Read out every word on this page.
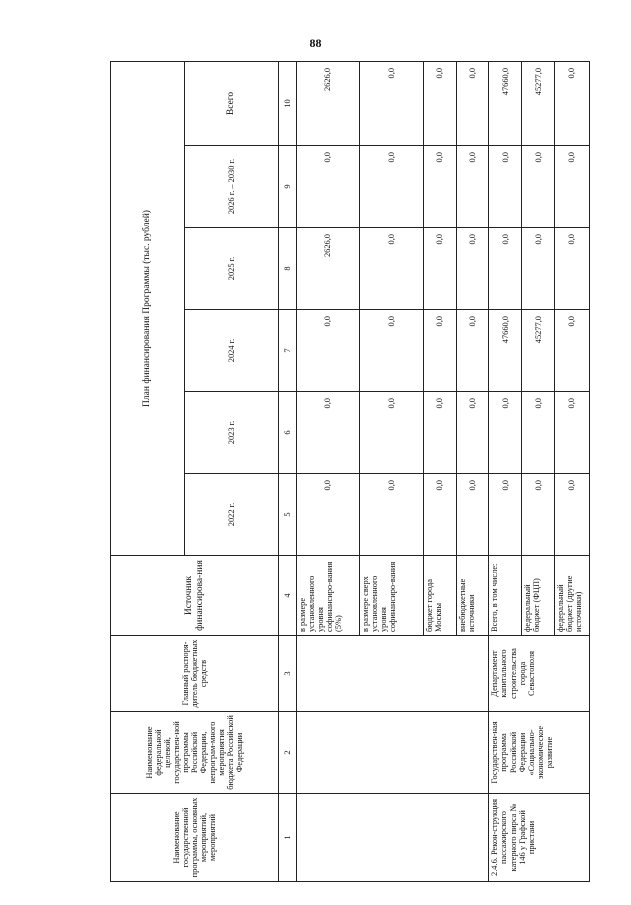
88
Наименование государственной программы, основных мероприятий, мероприятий	Наименование федеральной целевой, государствен-ной программы Российской Федерации, непрограм-много мероприятия бюджета Российской Федерации	Главный распоря-дитель бюджетных средств	Источник финансирова-ния	План финансирования Программы (тыс. рублей)					
				2022 г.	2023 г.	2024 г.	2025 г.	2026 г. – 2030 г.	Всего
1	2	3	4	5	6	7	8	9	10
			в размере установленного уровня софинансиро-вания (5%)	0,0	0,0	0,0	2626,0	0,0	2626,0
			в размере сверх установленного уровня софинансиро-вания	0,0	0,0	0,0	0,0	0,0	0,0
			бюджет города Москвы	0,0	0,0	0,0	0,0	0,0	0,0
			внебюджетные источники	0,0	0,0	0,0	0,0	0,0	0,0
2.4.6. Рекон-струкция пассажирского катерного пирса № 146 у Графской пристани	Государствен-ная программа Российской Федерации «Социально-экономическое развитие	Департамент капитального строительства города Севастополя	Всего, в том числе:	0,0	0,0	47660,0	0,0	0,0	47660,0
			федеральный бюджет (ФЦП)	0,0	0,0	45277,0	0,0	0,0	45277,0
			федеральный бюджет (другие источники)	0,0	0,0	0,0	0,0	0,0	0,0
